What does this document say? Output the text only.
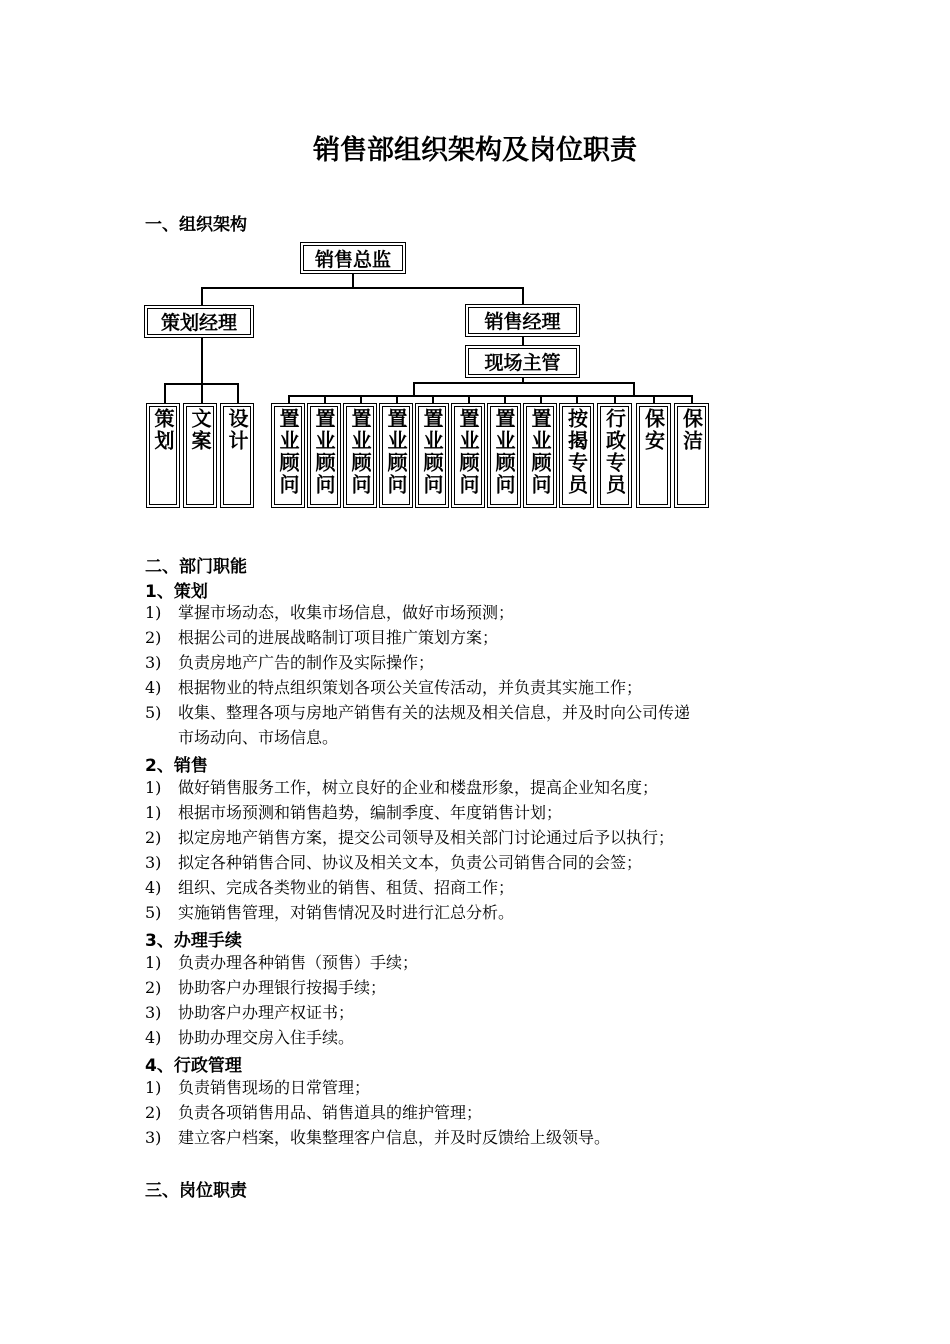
销售部组织架构及岗位职责
一、组织架构
销售总监
策划经理	销售经理
现场主管
策划 文案 设计 置业顾问 置业顾问 置业顾问 置业顾问 置业顾问 置业顾问 置业顾问 置业顾问 按揭专员 行政专员 保安 保洁
二、部门职能
1、策划
1) 掌握市场动态，收集市场信息，做好市场预测；
2) 根据公司的进展战略制订项目推广策划方案；
3) 负责房地产广告的制作及实际操作；
4) 根据物业的特点组织策划各项公关宣传活动，并负责其实施工作；
5) 收集、整理各项与房地产销售有关的法规及相关信息，并及时向公司传递
市场动向、市场信息。
2、销售
1) 做好销售服务工作，树立良好的企业和楼盘形象，提高企业知名度；
1) 根据市场预测和销售趋势，编制季度、年度销售计划；
2) 拟定房地产销售方案，提交公司领导及相关部门讨论通过后予以执行；
3) 拟定各种销售合同、协议及相关文本，负责公司销售合同的会签；
4) 组织、完成各类物业的销售、租赁、招商工作；
5) 实施销售管理，对销售情况及时进行汇总分析。
3、办理手续
1) 负责办理各种销售（预售）手续；
2) 协助客户办理银行按揭手续；
3) 协助客户办理产权证书；
4) 协助办理交房入住手续。
4、行政管理
1) 负责销售现场的日常管理；
2) 负责各项销售用品、销售道具的维护管理；
3) 建立客户档案，收集整理客户信息，并及时反馈给上级领导。
三、岗位职责
